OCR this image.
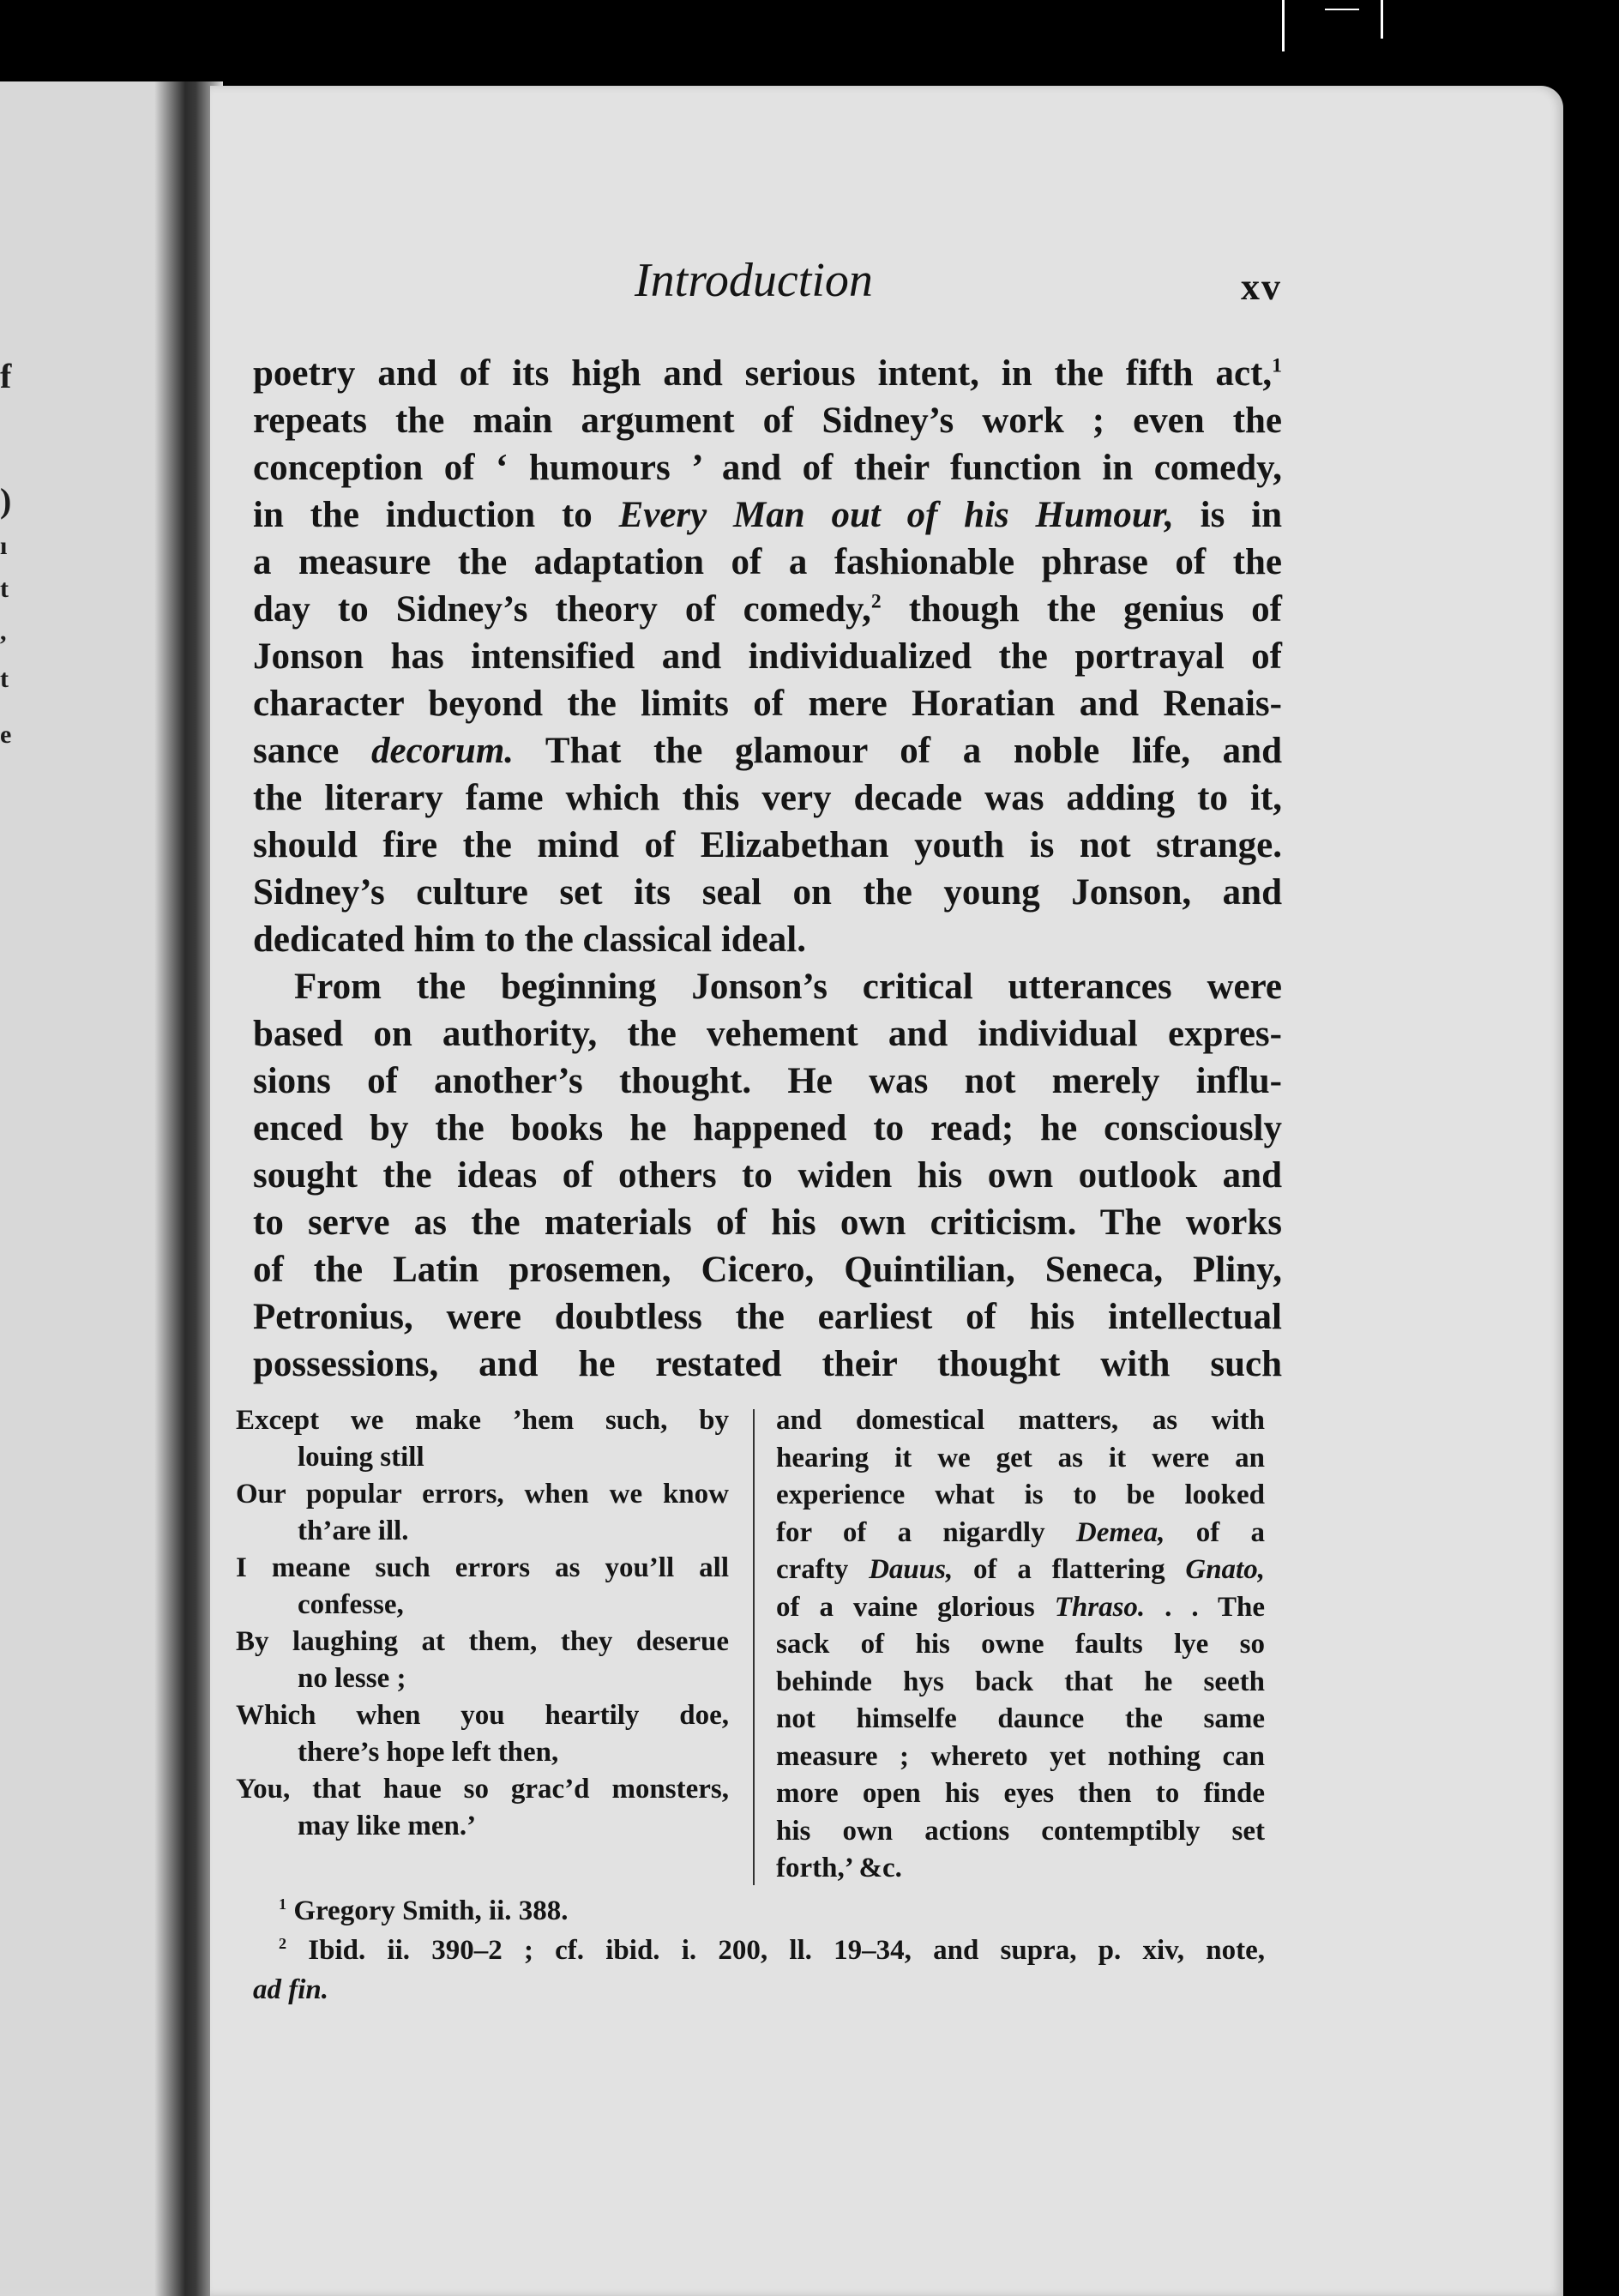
f
)
ı
t
,
t
e
Introduction	xv
poetry and of its high and serious intent, in the fifth act,$^1$
repeats the main argument of Sidney’s work ; even the
conception of ‘ humours ’ and of their function in comedy,
in the induction to Every Man out of his Humour, is in
a measure the adaptation of a fashionable phrase of the
day to Sidney’s theory of comedy,$^2$ though the genius of
Jonson has intensified and individualized the portrayal of
character beyond the limits of mere Horatian and Renais-
sance decorum. That the glamour of a noble life, and
the literary fame which this very decade was adding to it,
should fire the mind of Elizabethan youth is not strange.
Sidney’s culture set its seal on the young Jonson, and
dedicated him to the classical ideal.
From the beginning Jonson’s critical utterances were
based on authority, the vehement and individual expres-
sions of another’s thought. He was not merely influ-
enced by the books he happened to read; he consciously
sought the ideas of others to widen his own outlook and
to serve as the materials of his own criticism. The works
of the Latin prosemen, Cicero, Quintilian, Seneca, Pliny,
Petronius, were doubtless the earliest of his intellectual
possessions, and he restated their thought with such
Except we make ’hem such, by
louing still
Our popular errors, when we know
th’are ill.
I meane such errors as you’ll all
confesse,
By laughing at them, they deserue
no lesse ;
Which when you heartily doe,
there’s hope left then,
You, that haue so grac’d monsters,
may like men.’
and domestical matters, as with
hearing it we get as it were an
experience what is to be looked
for of a nigardly Demea, of a
crafty Dauus, of a flattering Gnato,
of a vaine glorious Thraso. . . The
sack of his owne faults lye so
behinde hys back that he seeth
not himselfe daunce the same
measure ; whereto yet nothing can
more open his eyes then to finde
his own actions contemptibly set
forth,’ &c.
$^1$ Gregory Smith, ii. 388.
$^2$ Ibid. ii. 390–2 ; cf. ibid. i. 200, ll. 19–34, and supra, p. xiv, note,
ad fin.
